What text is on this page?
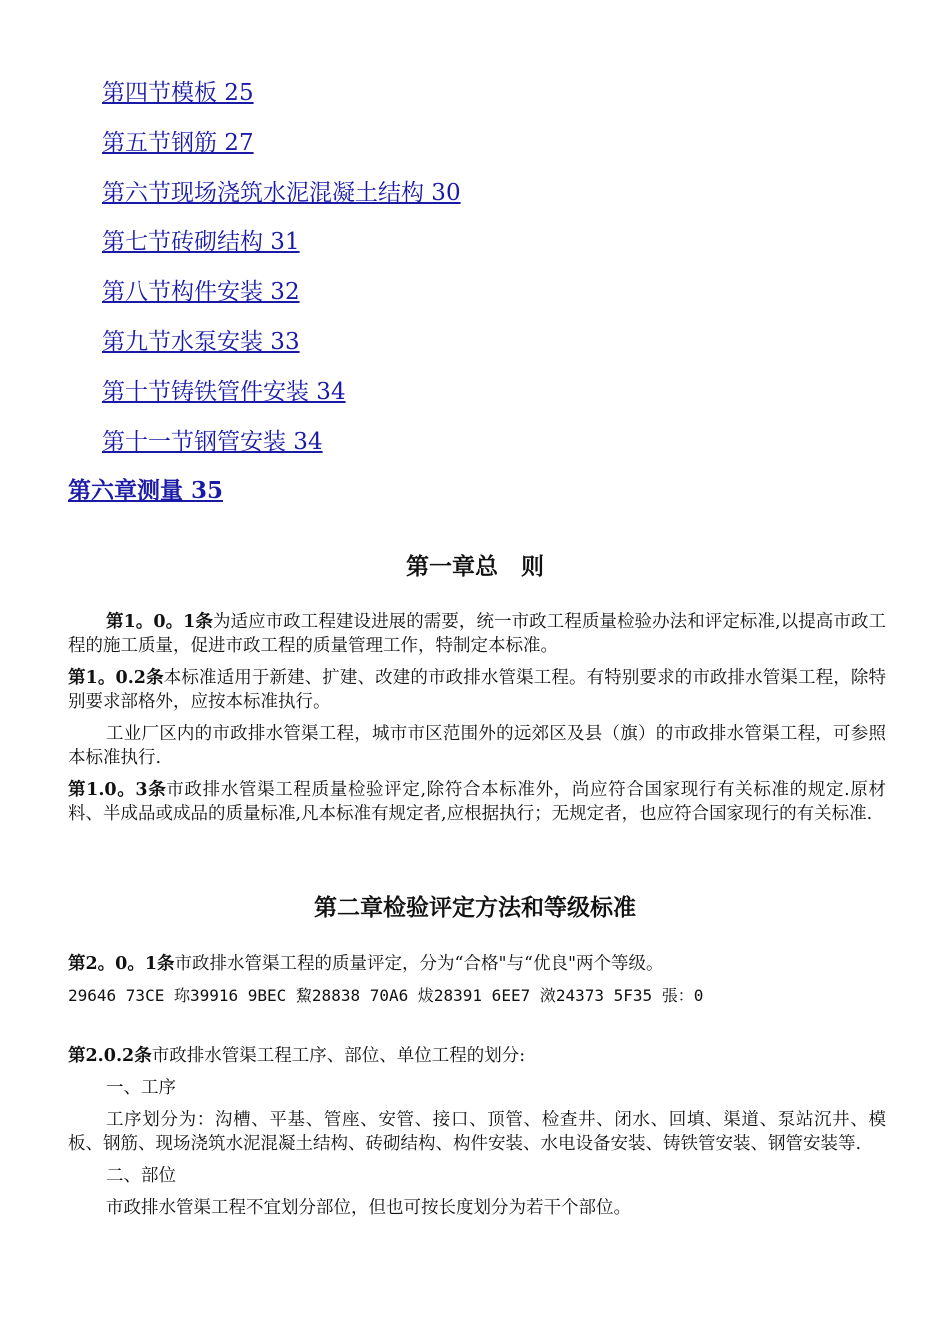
第四节模板 25
第五节钢筋 27
第六节现场浇筑水泥混凝土结构 30
第七节砖砌结构 31
第八节构件安装 32
第九节水泵安装 33
第十节铸铁管件安装 34
第十一节钢管安装 34
第六章测量 35
第一章总　则

第1。0。1条为适应市政工程建设进展的需要，统一市政工程质量检验办法和评定标准,以提高市政工程的施工质量，促进市政工程的质量管理工作，特制定本标准。

第1。0.2条本标准适用于新建、扩建、改建的市政排水管渠工程。有特别要求的市政排水管渠工程，除特别要求部格外，应按本标准执行。

工业厂区内的市政排水管渠工程，城市市区范围外的远郊区及县（旗）的市政排水管渠工程，可参照本标准执行.

第1.0。3条市政排水管渠工程质量检验评定,除符合本标准外，尚应符合国家现行有关标准的规定.原材料、半成品或成品的质量标准,凡本标准有规定者,应根据执行；无规定者，也应符合国家现行的有关标准.

第二章检验评定方法和等级标准

第2。0。1条市政排水管渠工程的质量评定，分为“合格"与“优良"两个等级。

29646 73CE 珎39916 9BEC 鯬28838 70A6 炦28391 6EE7 滧24373 5F35 張：0

第2.0.2条市政排水管渠工程工序、部位、单位工程的划分:

一、工序

工序划分为：沟槽、平基、管座、安管、接口、顶管、检查井、闭水、回填、渠道、泵站沉井、模板、钢筋、现场浇筑水泥混凝土结构、砖砌结构、构件安装、水电设备安装、铸铁管安装、钢管安装等.

二、部位

市政排水管渠工程不宜划分部位，但也可按长度划分为若干个部位。
